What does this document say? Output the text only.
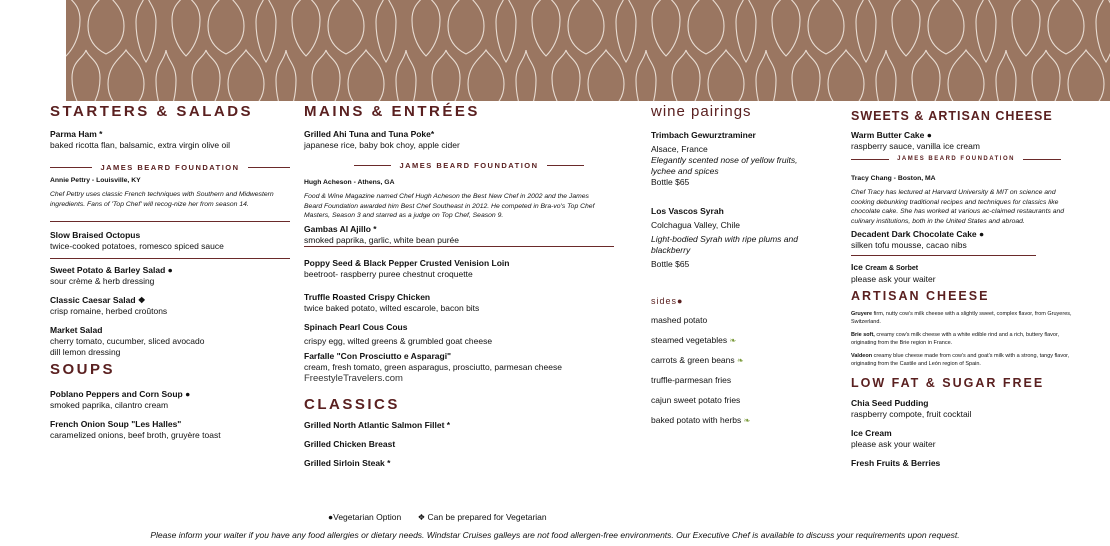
STARTERS & SALADS
Parma Ham *
baked ricotta flan, balsamic, extra virgin olive oil
JAMES BEARD FOUNDATION
Annie Pettry - Louisville, KY
Chef Pettry uses classic French techniques with Southern and Midwestern ingredients. Fans of 'Top Chef' will recog-nize her from season 14.
Slow Braised Octopus
twice-cooked potatoes, romesco spiced sauce
Sweet Potato & Barley Salad ●
sour crème & herb dressing
Classic Caesar Salad ❖
crisp romaine, herbed croûtons
Market Salad
cherry tomato, cucumber, sliced avocado
dill lemon dressing
SOUPS
Poblano Peppers and Corn Soup ●
smoked paprika, cilantro cream
French Onion Soup "Les Halles"
caramelized onions, beef broth, gruyère toast
MAINS & ENTRÉES
Grilled Ahi Tuna and Tuna Poke*
japanese rice, baby bok choy, apple cider
JAMES BEARD FOUNDATION
Hugh Acheson - Athens, GA
Food & Wine Magazine named Chef Hugh Acheson the Best New Chef in 2002 and the James Beard Foundation awarded him Best Chef Southeast in 2012. He competed in Bra-vo's Top Chef Masters, Season 3 and starred as a judge on Top Chef, Season 9.
Gambas Al Ajillo *
smoked paprika, garlic, white bean purée
Poppy Seed & Black Pepper Crusted Venision Loin
beetroot- raspberry puree chestnut croquette
Truffle Roasted Crispy Chicken
twice baked potato, wilted escarole, bacon bits
Spinach Pearl Cous Cous
crispy egg, wilted greens & grumbled goat cheese
Farfalle "Con Prosciutto e Asparagi"
cream, fresh tomato, green asparagus, prosciutto, parmesan cheese
FreestyleTravelers.com
CLASSICS
Grilled North Atlantic Salmon Fillet *
Grilled Chicken Breast
Grilled Sirloin Steak *
wine pairings
Trimbach Gewurztraminer
Alsace, France
Elegantly scented nose of yellow fruits, lychee and spices
Bottle $65
Los Vascos Syrah
Colchagua Valley, Chile
Light-bodied Syrah with ripe plums and blackberry
Bottle $65
sides●
mashed potato
steamed vegetables ❧
carrots & green beans ❧
truffle-parmesan fries
cajun sweet potato fries
baked potato with herbs ❧
SWEETS & ARTISAN CHEESE
Warm Butter Cake ●
raspberry sauce, vanilla ice cream
JAMES BEARD FOUNDATION
Tracy Chang - Boston, MA
Chef Tracy has lectured at Harvard University & MIT on science and cooking debunking traditional recipes and techniques for classics like chocolate cake. She has worked at various ac-claimed restaurants and culinary institutions, both in the United States and abroad.
Decadent Dark Chocolate Cake ●
silken tofu mousse, cacao nibs
Ice Cream & Sorbet
please ask your waiter
ARTISAN CHEESE
Gruyere firm, nutty cow's milk cheese with a slightly sweet, complex flavor, from Gruyeres, Switzerland.
Brie soft, creamy cow's milk cheese with a white edible rind and a rich, buttery flavor, originating from the Brie region in France.
Valdeon creamy blue cheese made from cow's and goat's milk with a strong, tangy flavor, originating from the Castile and León region of Spain.
LOW FAT & SUGAR FREE
Chia Seed Pudding
raspberry compote, fruit cocktail
Ice Cream
please ask your waiter
Fresh Fruits & Berries
●Vegetarian Option ❖ Can be prepared for Vegetarian
Please inform your waiter if you have any food allergies or dietary needs. Windstar Cruises galleys are not food allergen-free environments. Our Executive Chef is available to discuss your requirements upon request.
